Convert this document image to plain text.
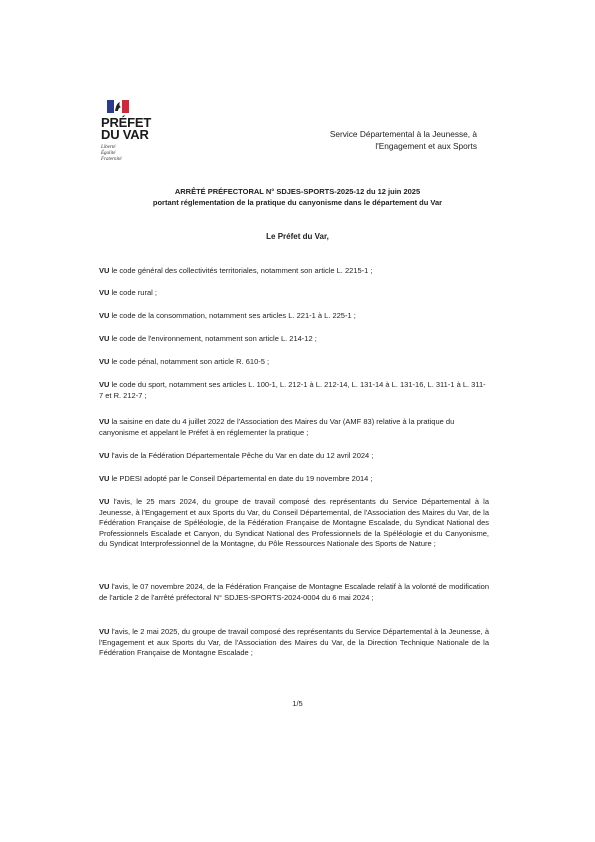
PRÉFET
DU VAR
Liberté
Égalité
Fraternité
Service Départemental à la Jeunesse, à
l'Engagement et aux Sports
ARRÊTÉ PRÉFECTORAL N° SDJES-SPORTS-2025-12 du 12 juin 2025
portant réglementation de la pratique du canyonisme dans le département du Var
Le Préfet du Var,
VU le code général des collectivités territoriales, notamment son article L. 2215-1 ;
VU le code rural ;
VU le code de la consommation, notamment ses articles L. 221-1 à L. 225-1 ;
VU le code de l'environnement, notamment son article L. 214-12 ;
VU le code pénal, notamment son article R. 610-5 ;
VU le code du sport, notamment ses articles L. 100-1, L. 212-1 à L. 212-14, L. 131-14 à L. 131-16, L. 311-1 à L. 311-7 et R. 212-7 ;
VU la saisine en date du 4 juillet 2022 de l'Association des Maires du Var (AMF 83) relative à la pratique du canyonisme et appelant le Préfet à en réglementer la pratique ;
VU l'avis de la Fédération Départementale Pêche du Var en date du 12 avril 2024 ;
VU le PDESI adopté par le Conseil Départemental en date du 19 novembre 2014 ;
VU l'avis, le 25 mars 2024, du groupe de travail composé des représentants du Service Départemental à la Jeunesse, à l'Engagement et aux Sports du Var, du Conseil Départemental, de l'Association des Maires du Var, de la Fédération Française de Spéléologie, de la Fédération Française de Montagne Escalade, du Syndicat National des Professionnels Escalade et Canyon, du Syndicat National des Professionnels de la Spéléologie et du Canyonisme, du Syndicat Interprofessionnel de la Montagne, du Pôle Ressources Nationale des Sports de Nature ;
VU l'avis, le 07 novembre 2024, de la Fédération Française de Montagne Escalade relatif à la volonté de modification de l'article 2 de l'arrêté préfectoral N° SDJES-SPORTS-2024-0004 du 6 mai 2024 ;
VU l'avis, le 2 mai 2025, du groupe de travail composé des représentants du Service Départemental à la Jeunesse, à l'Engagement et aux Sports du Var, de l'Association des Maires du Var, de la Direction Technique Nationale de la Fédération Française de Montagne Escalade ;
1/5
